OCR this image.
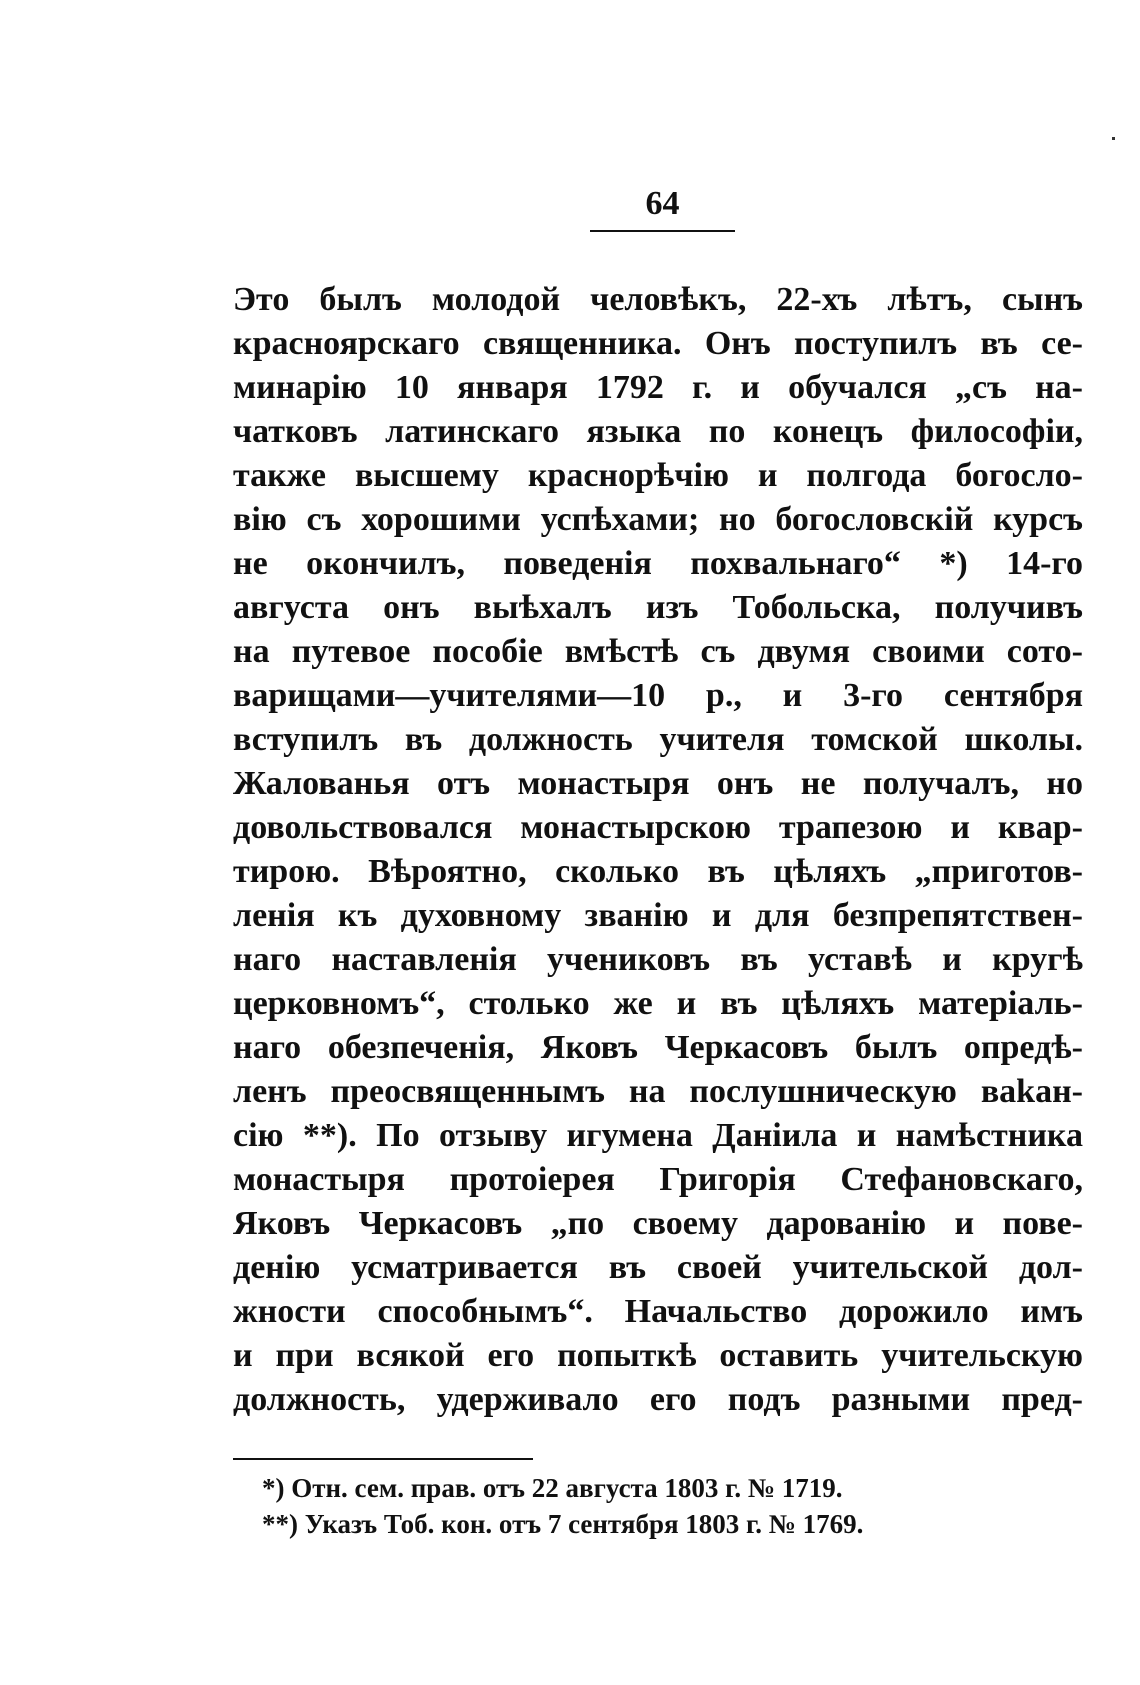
64
Это былъ молодой человѣкъ, 22-хъ лѣтъ, сынъ
красноярскаго священника. Онъ поступилъ въ се-
минарію 10 января 1792 г. и обучался „съ на-
чатковъ латинскаго языка по конецъ философіи,
также высшему краснорѣчію и полгода богосло-
вію съ хорошими успѣхами; но богословскій курсъ
не окончилъ, поведенія похвальнаго“ *) 14-го
августа онъ выѣхалъ изъ Тобольска, получивъ
на путевое пособіе вмѣстѣ съ двумя своими сото-
варищами—учителями—10 р., и 3-го сентября
вступилъ въ должность учителя томской школы.
Жалованья отъ монастыря онъ не получалъ, но
довольствовался монастырскою трапезою и квар-
тирою. Вѣроятно, сколько въ цѣляхъ „приготов-
ленія къ духовному званію и для безпрепятствен-
наго наставленія учениковъ въ уставѣ и кругѣ
церковномъ“, столько же и въ цѣляхъ матеріаль-
наго обезпеченія, Яковъ Черкасовъ былъ опредѣ-
ленъ преосвященнымъ на послушническую ваkан-
сію **). По отзыву игумена Даніила и намѣстника
монастыря протоіерея Григорія Стефановскаго,
Яковъ Черкасовъ „по своему дарованію и пове-
денію усматривается въ своей учительской дол-
жности способнымъ“. Начальство дорожило имъ
и при всякой его попыткѣ оставить учительскую
должность, удерживало его подъ разными пред-
*) Отн. сем. прав. отъ 22 августа 1803 г. № 1719.
**) Указъ Тоб. кон. отъ 7 сентября 1803 г. № 1769.
